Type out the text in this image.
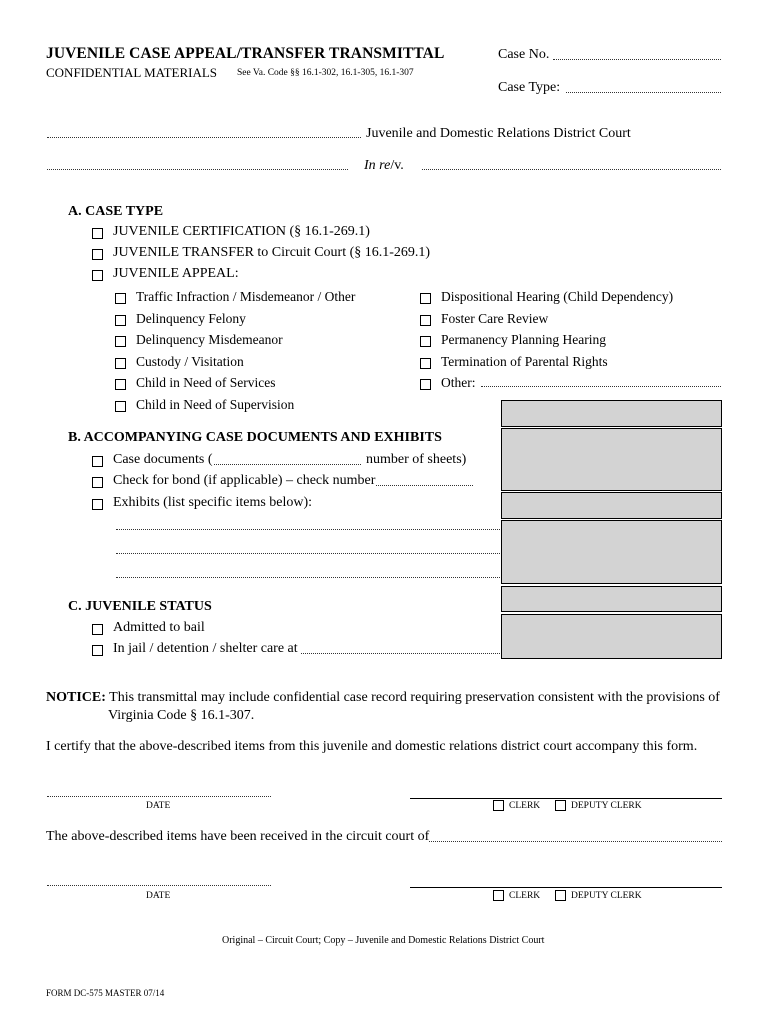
JUVENILE CASE APPEAL/TRANSFER TRANSMITTAL
CONFIDENTIAL MATERIALS See Va. Code §§ 16.1-302, 16.1-305, 16.1-307
Case No.
Case Type:
Juvenile and Domestic Relations District Court
In re/v.
A. CASE TYPE
JUVENILE CERTIFICATION (§ 16.1-269.1)
JUVENILE TRANSFER to Circuit Court (§ 16.1-269.1)
JUVENILE APPEAL:
Traffic Infraction / Misdemeanor / Other
Delinquency Felony
Delinquency Misdemeanor
Custody / Visitation
Child in Need of Services
Child in Need of Supervision
Dispositional Hearing (Child Dependency)
Foster Care Review
Permanency Planning Hearing
Termination of Parental Rights
Other:
B. ACCOMPANYING CASE DOCUMENTS AND EXHIBITS
Case documents (	number of sheets)
Check for bond (if applicable) – check number
Exhibits (list specific items below):
C. JUVENILE STATUS
Admitted to bail
In jail / detention / shelter care at
NOTICE: This transmittal may include confidential case record requiring preservation consistent with the provisions of
Virginia Code § 16.1-307.
I certify that the above-described items from this juvenile and domestic relations district court accompany this form.
DATE	CLERK	DEPUTY CLERK
The above-described items have been received in the circuit court of
DATE	CLERK	DEPUTY CLERK
Original – Circuit Court; Copy – Juvenile and Domestic Relations District Court
FORM DC-575 MASTER 07/14
